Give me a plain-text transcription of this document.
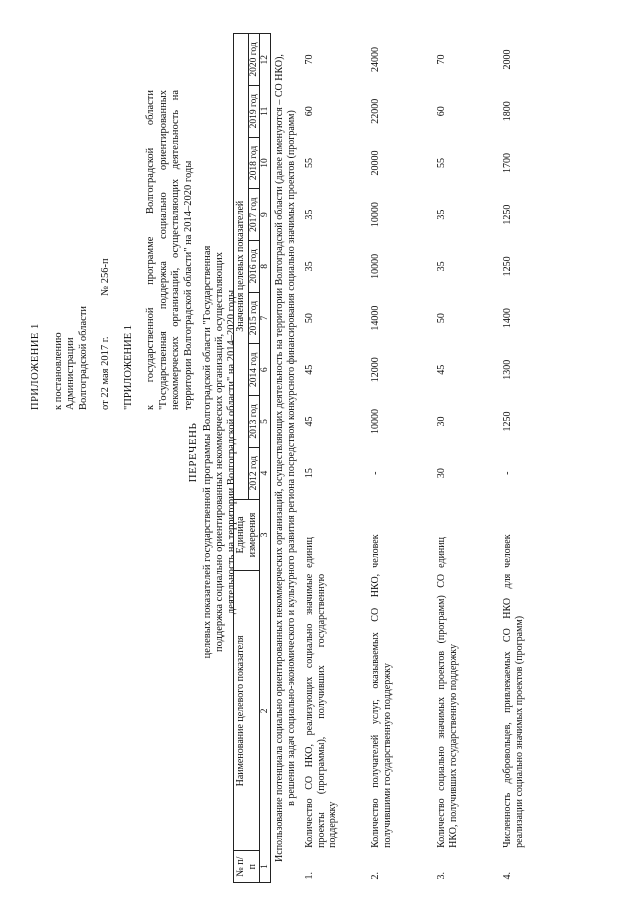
ПРИЛОЖЕНИЕ 1 к постановлению Администрации Волгоградской области от 22 мая 2017 г. № 256-п
"ПРИЛОЖЕНИЕ 1 к государственной программе Волгоградской области "Государственная поддержка социально ориентированных некоммерческих организаций, осуществляющих деятельность на территории Волгоградской области" на 2014–2020 годы
ПЕРЕЧЕНЬ целевых показателей государственной программы Волгоградской области "Государственная поддержка социально ориентированных некоммерческих организаций, осуществляющих деятельность на территории Волгоградской области" на 2014–2020 годы
№ п/п	Наименование целевого показателя	Единица измерения	Значения целевых показателей								
			2012 год	2013 год	2014 год	2015 год	2016 год	2017 год	2018 год	2019 год	2020 год
1	2	3	4	5	6	7	8	9	10	11	12
Использование потенциала социально ориентированных некоммерческих организаций, осуществляющих деятельность на территории Волгоградской области (далее именуются – СО НКО), в решении задач социально-экономического и культурного развития региона посредством конкурсного финансирования социально значимых проектов (программ)											
1.	Количество СО НКО, реализующих социально значимые проекты (программы), получивших государственную поддержку	единиц	15	45	45	50	35	35	55	60	70
2.	Количество получателей услуг, оказываемых СО НКО, получившими государственную поддержку	человек	-	10000	12000	14000	10000	10000	20000	22000	24000
3.	Количество социально значимых проектов (программ) СО НКО, получивших государственную поддержку	единиц	30	30	45	50	35	35	55	60	70
4.	Численность добровольцев, привлекаемых СО НКО для реализации социально значимых проектов (программ)	человек	-	1250	1300	1400	1250	1250	1700	1800	2000
